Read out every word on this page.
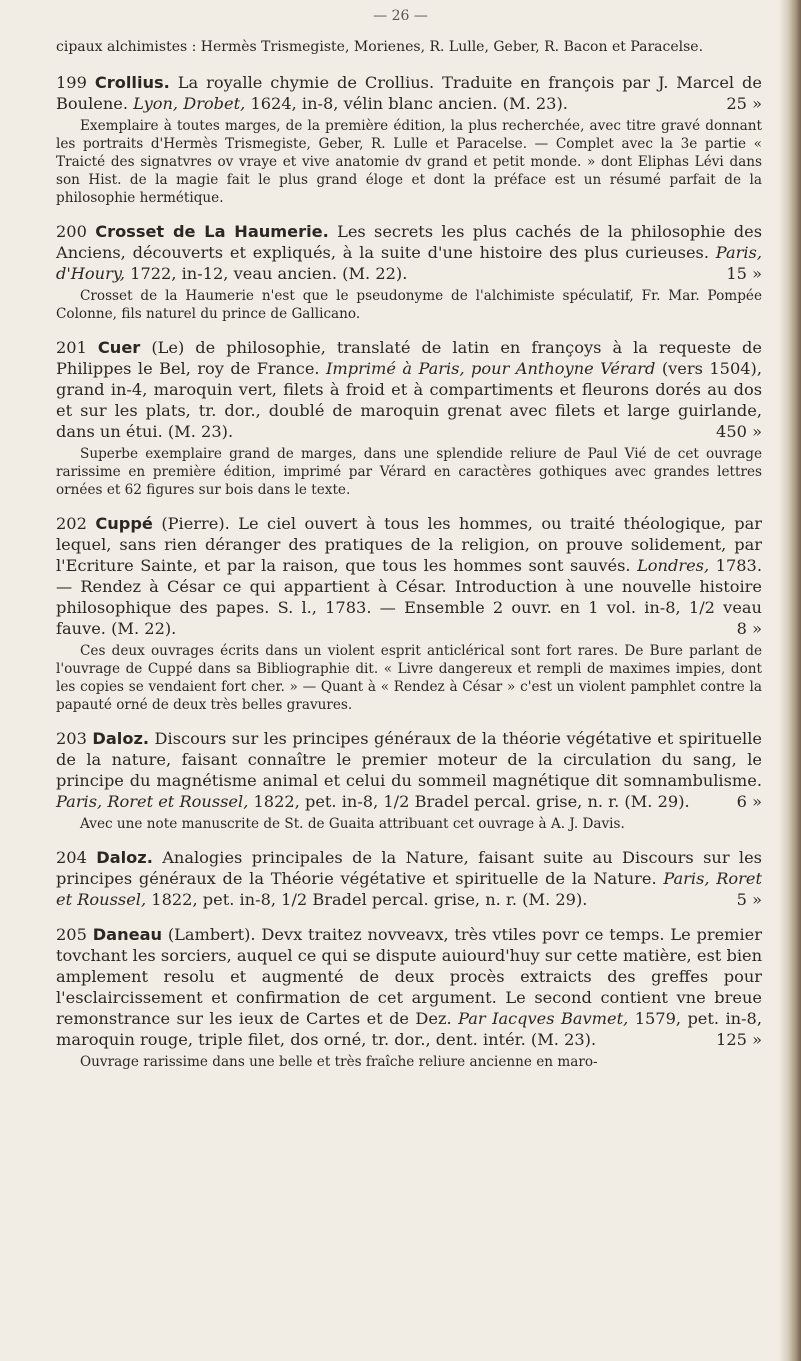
— 26 —

cipaux alchimistes : Hermès Trismegiste, Morienes, R. Lulle, Geber, R. Bacon et Paracelse.

199 Crollius. La royalle chymie de Crollius. Traduite en françois par J. Marcel de Boulene. Lyon, Drobet, 1624, in-8, vélin blanc ancien. (M. 23).	25 »

Exemplaire à toutes marges, de la première édition, la plus recherchée, avec titre gravé donnant les portraits d'Hermès Trismegiste, Geber, R. Lulle et Paracelse. — Complet avec la 3e partie « Traicté des signatvres ov vraye et vive anatomie dv grand et petit monde. » dont Eliphas Lévi dans son Hist. de la magie fait le plus grand éloge et dont la préface est un résumé parfait de la philosophie hermétique.

200 Crosset de La Haumerie. Les secrets les plus cachés de la philosophie des Anciens, découverts et expliqués, à la suite d'une histoire des plus curieuses. Paris, d'Houry, 1722, in-12, veau ancien. (M. 22).	15 »

Crosset de la Haumerie n'est que le pseudonyme de l'alchimiste spéculatif, Fr. Mar. Pompée Colonne, fils naturel du prince de Gallicano.

201 Cuer (Le) de philosophie, translaté de latin en françoys à la requeste de Philippes le Bel, roy de France. Imprimé à Paris, pour Anthoyne Vérard (vers 1504), grand in-4, maroquin vert, filets à froid et à compartiments et fleurons dorés au dos et sur les plats, tr. dor., doublé de maroquin grenat avec filets et large guirlande, dans un étui. (M. 23).	450 »

Superbe exemplaire grand de marges, dans une splendide reliure de Paul Vié de cet ouvrage rarissime en première édition, imprimé par Vérard en caractères gothiques avec grandes lettres ornées et 62 figures sur bois dans le texte.

202 Cuppé (Pierre). Le ciel ouvert à tous les hommes, ou traité théologique, par lequel, sans rien déranger des pratiques de la religion, on prouve solidement, par l'Ecriture Sainte, et par la raison, que tous les hommes sont sauvés. Londres, 1783. — Rendez à César ce qui appartient à César. Introduction à une nouvelle histoire philosophique des papes. S. l., 1783. — Ensemble 2 ouvr. en 1 vol. in-8, 1/2 veau fauve. (M. 22).	8 »

Ces deux ouvrages écrits dans un violent esprit anticlérical sont fort rares. De Bure parlant de l'ouvrage de Cuppé dans sa Bibliographie dit. « Livre dangereux et rempli de maximes impies, dont les copies se vendaient fort cher. » — Quant à « Rendez à César » c'est un violent pamphlet contre la papauté orné de deux très belles gravures.

203 Daloz. Discours sur les principes généraux de la théorie végétative et spirituelle de la nature, faisant connaître le premier moteur de la circulation du sang, le principe du magnétisme animal et celui du sommeil magnétique dit somnambulisme. Paris, Roret et Roussel, 1822, pet. in-8, 1/2 Bradel percal. grise, n. r. (M. 29).	6 »

Avec une note manuscrite de St. de Guaita attribuant cet ouvrage à A. J. Davis.

204 Daloz. Analogies principales de la Nature, faisant suite au Discours sur les principes généraux de la Théorie végétative et spirituelle de la Nature. Paris, Roret et Roussel, 1822, pet. in-8, 1/2 Bradel percal. grise, n. r. (M. 29).	5 »

205 Daneau (Lambert). Devx traitez novveavx, très vtiles povr ce temps. Le premier tovchant les sorciers, auquel ce qui se dispute auiourd'huy sur cette matière, est bien amplement resolu et augmenté de deux procès extraicts des greffes pour l'esclaircissement et confirmation de cet argument. Le second contient vne breue remonstrance sur les ieux de Cartes et de Dez. Par Iacqves Bavmet, 1579, pet. in-8, maroquin rouge, triple filet, dos orné, tr. dor., dent. intér. (M. 23).	125 »

Ouvrage rarissime dans une belle et très fraîche reliure ancienne en maro-
